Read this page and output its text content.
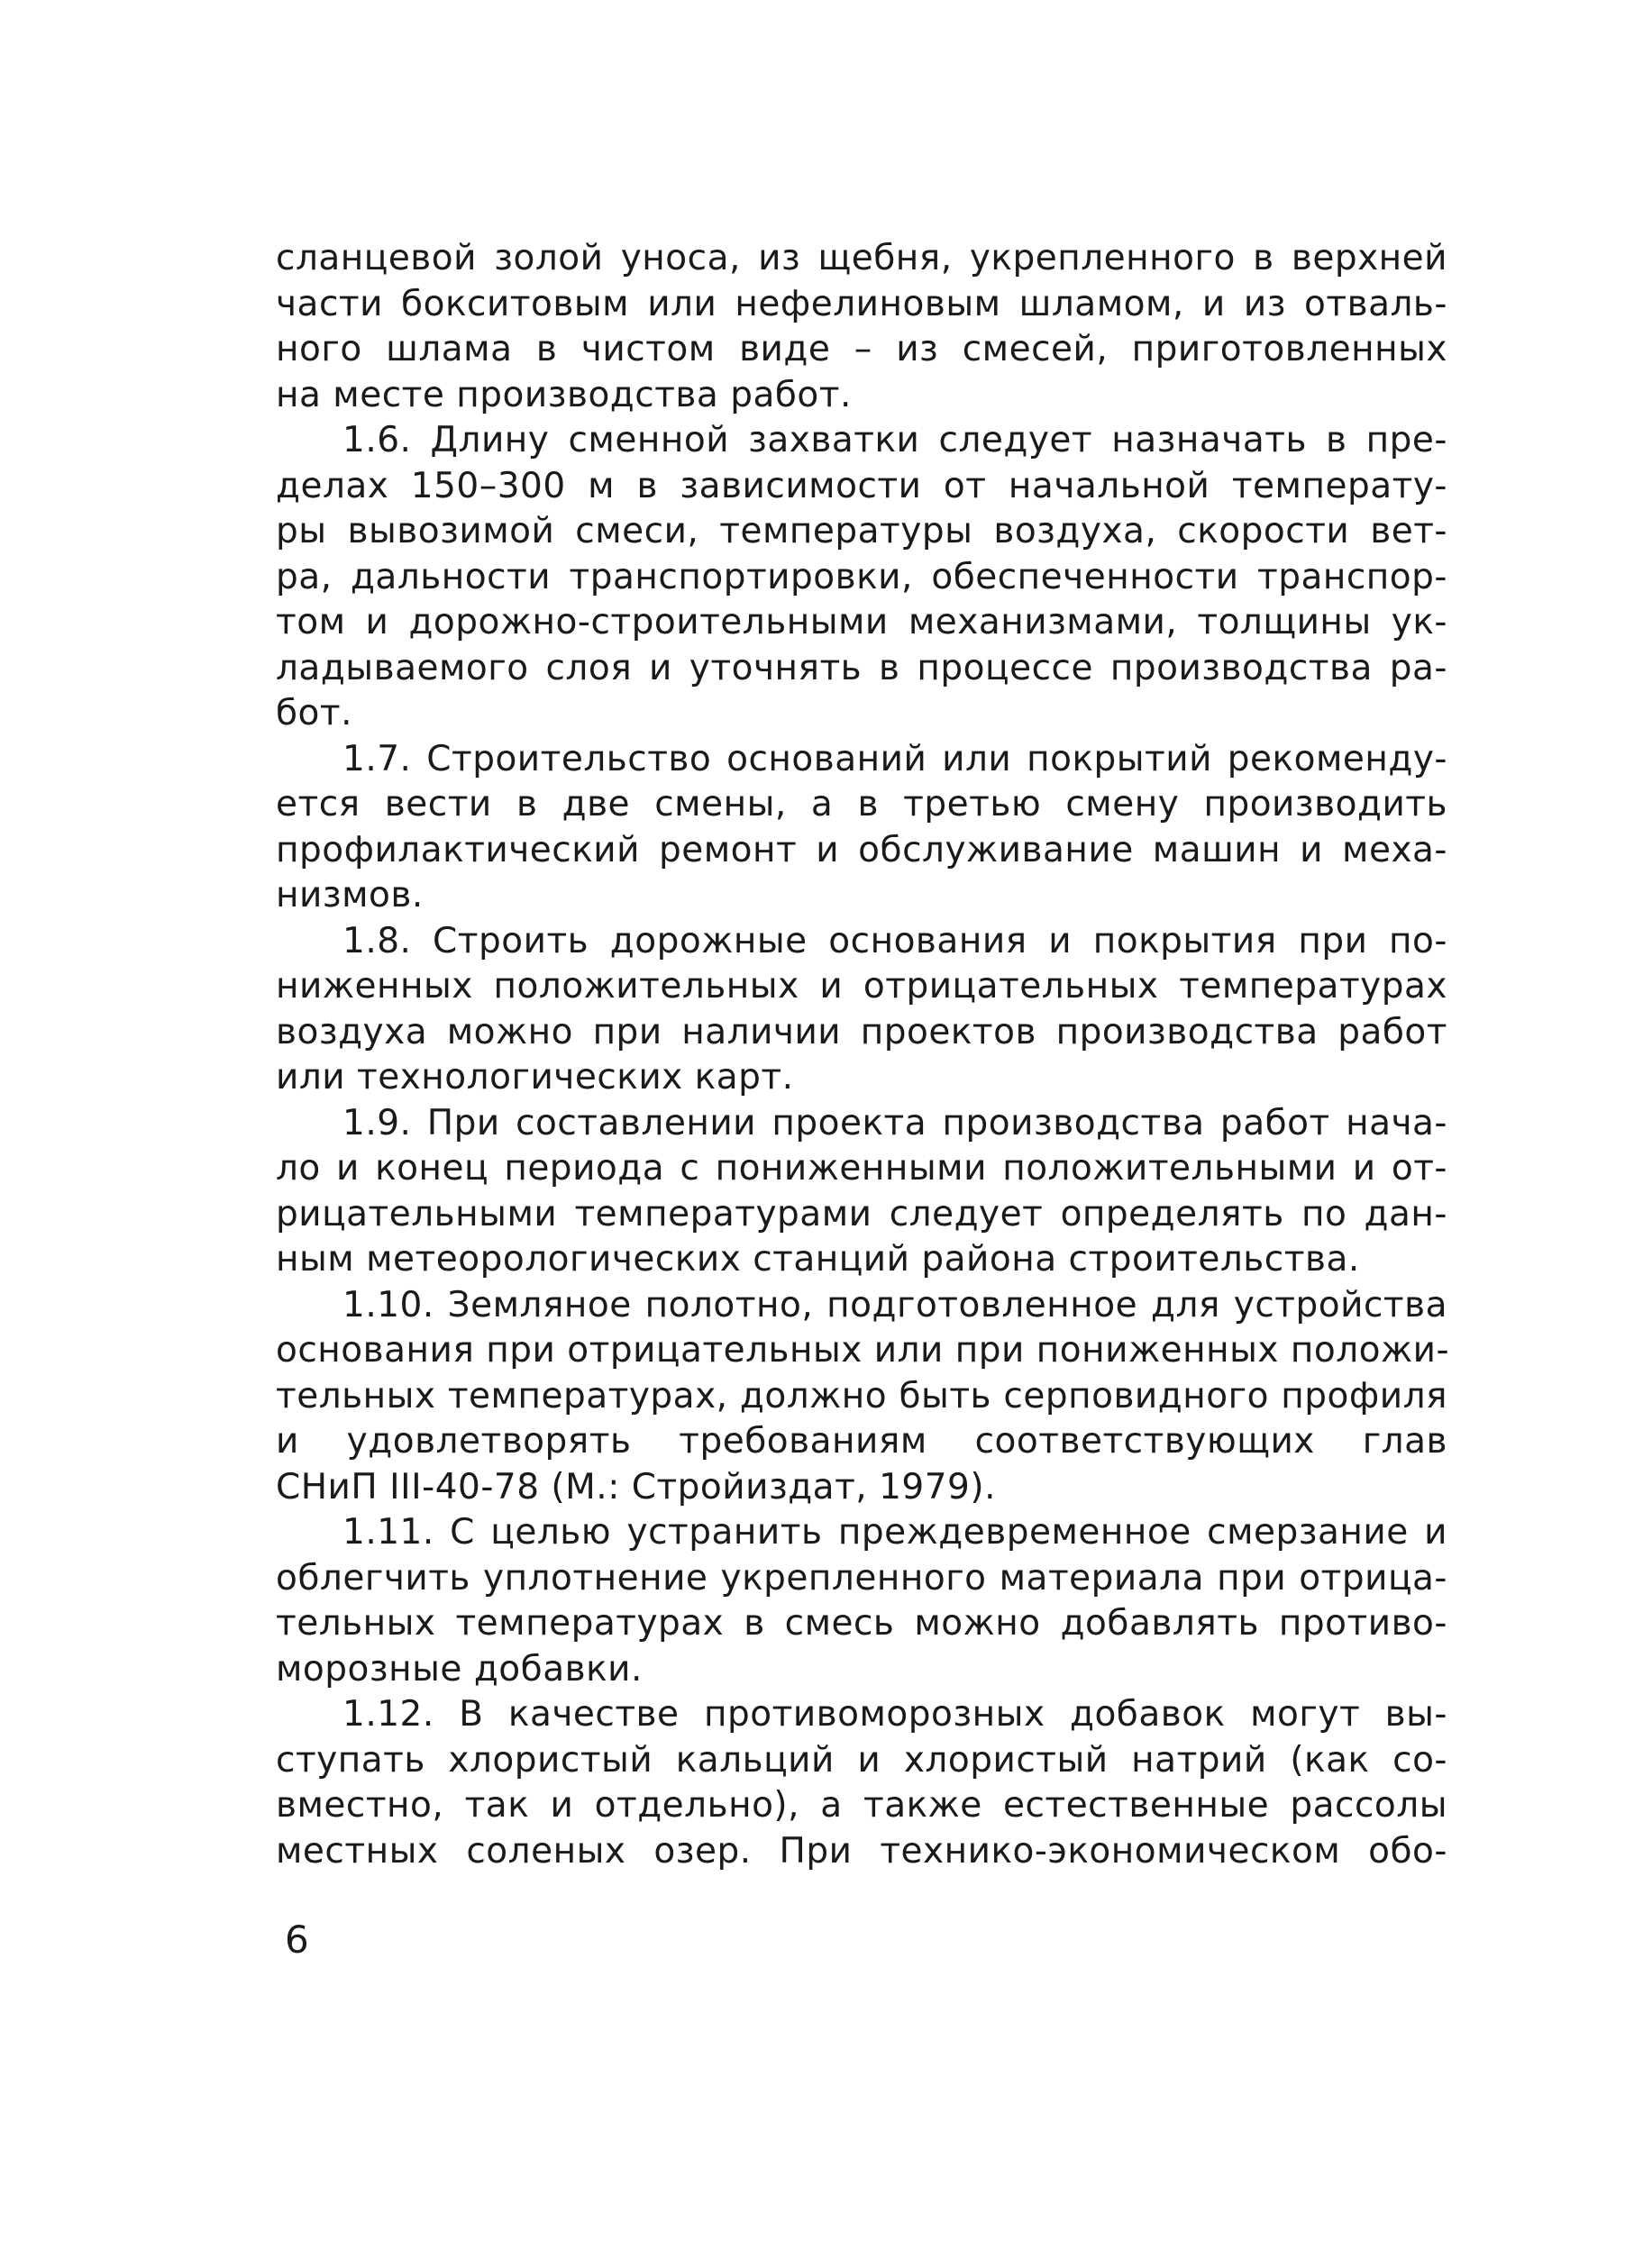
сланцевой золой уноса, из щебня, укрепленного в верхней
части бокситовым или нефелиновым шламом, и из отваль-
ного шлама в чистом виде – из смесей, приготовленных
на месте производства работ.
1.6. Длину сменной захватки следует назначать в пре-
делах 150–300 м в зависимости от начальной температу-
ры вывозимой смеси, температуры воздуха, скорости вет-
ра, дальности транспортировки, обеспеченности транспор-
том и дорожно-строительными механизмами, толщины ук-
ладываемого слоя и уточнять в процессе производства ра-
бот.
1.7. Строительство оснований или покрытий рекоменду-
ется вести в две смены, а в третью смену производить
профилактический ремонт и обслуживание машин и меха-
низмов.
1.8. Строить дорожные основания и покрытия при по-
ниженных положительных и отрицательных температурах
воздуха можно при наличии проектов производства работ
или технологических карт.
1.9. При составлении проекта производства работ нача-
ло и конец периода с пониженными положительными и от-
рицательными температурами следует определять по дан-
ным метеорологических станций района строительства.
1.10. Земляное полотно, подготовленное для устройства
основания при отрицательных или при пониженных положи-
тельных температурах, должно быть серповидного профиля
и удовлетворять требованиям соответствующих глав
СНиП III-40-78 (М.: Стройиздат, 1979).
1.11. С целью устранить преждевременное смерзание и
облегчить уплотнение укрепленного материала при отрица-
тельных температурах в смесь можно добавлять противо-
морозные добавки.
1.12. В качестве противоморозных добавок могут вы-
ступать хлористый кальций и хлористый натрий (как со-
вместно, так и отдельно), а также естественные рассолы
местных соленых озер. При технико-экономическом обо-
6
